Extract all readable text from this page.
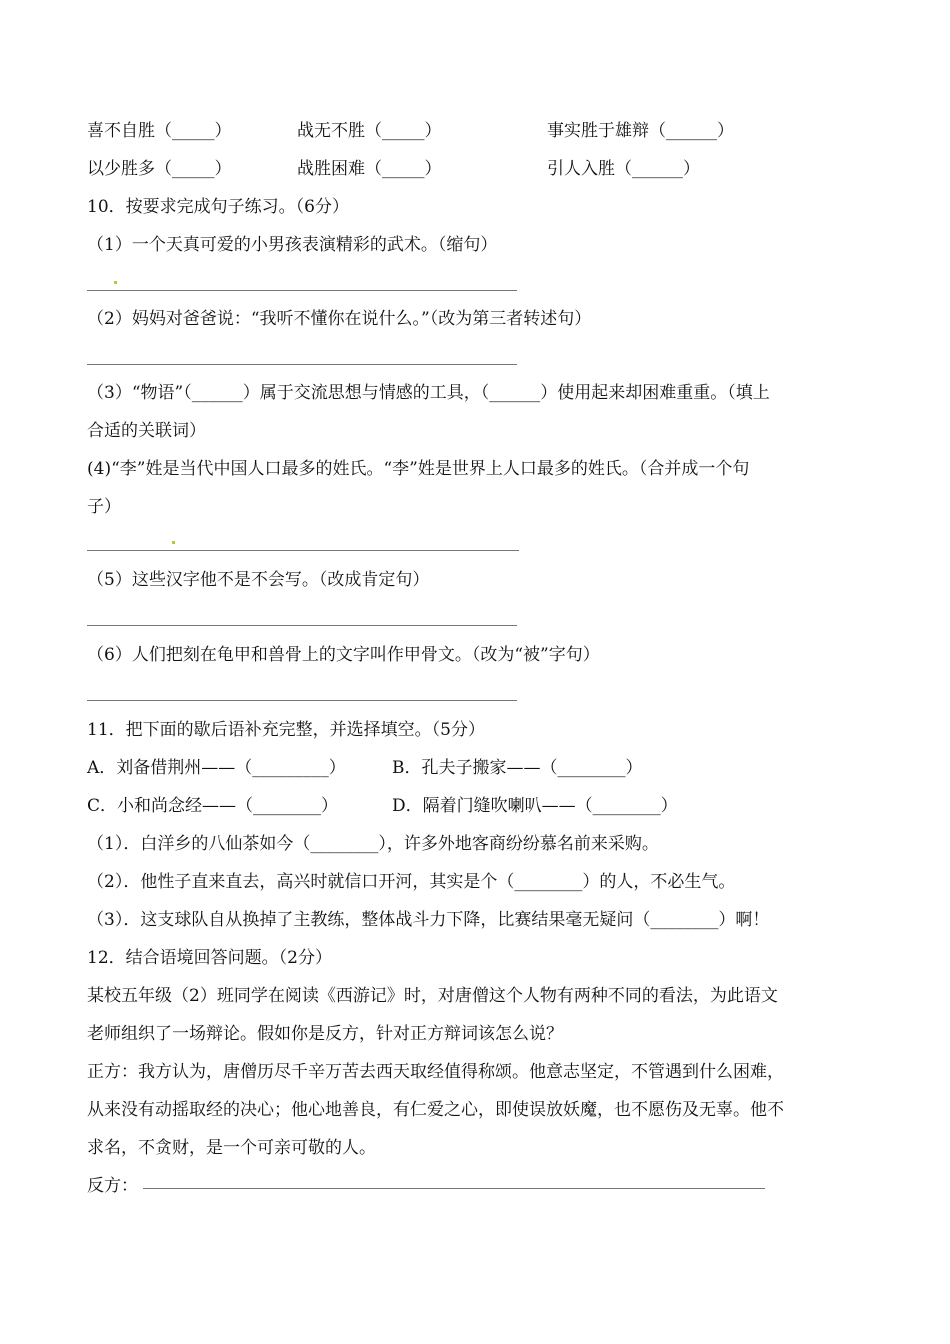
喜不自胜（_____）	战无不胜（_____）	事实胜于雄辩（______）
以少胜多（_____）	战胜困难（_____）	引人入胜（______）
10．按要求完成句子练习。（6分）
（1）一个天真可爱的小男孩表演精彩的武术。（缩句）
（2）妈妈对爸爸说：“我听不懂你在说什么。”（改为第三者转述句）
（3）“物语”（______）属于交流思想与情感的工具，（______）使用起来却困难重重。（填上
合适的关联词）
(4)“李”姓是当代中国人口最多的姓氏。“李”姓是世界上人口最多的姓氏。（合并成一个句
子）
（5）这些汉字他不是不会写。（改成肯定句）
（6）人们把刻在龟甲和兽骨上的文字叫作甲骨文。（改为“被”字句）
11．把下面的歇后语补充完整，并选择填空。（5分）
A．刘备借荆州——（_________）	B．孔夫子搬家——（________）
C．小和尚念经——（________）	D．隔着门缝吹喇叭——（________）
（1）．白洋乡的八仙茶如今（________），许多外地客商纷纷慕名前来采购。
（2）．他性子直来直去，高兴时就信口开河，其实是个（________）的人，不必生气。
（3）．这支球队自从换掉了主教练，整体战斗力下降，比赛结果毫无疑问（________）啊！
12．结合语境回答问题。（2分）
某校五年级（2）班同学在阅读《西游记》时，对唐僧这个人物有两种不同的看法，为此语文
老师组织了一场辩论。假如你是反方，针对正方辩词该怎么说？
正方：我方认为，唐僧历尽千辛万苦去西天取经值得称颂。他意志坚定，不管遇到什么困难，
从来没有动摇取经的决心；他心地善良，有仁爱之心，即使误放妖魔，也不愿伤及无辜。他不
求名，不贪财，是一个可亲可敬的人。
反方：
